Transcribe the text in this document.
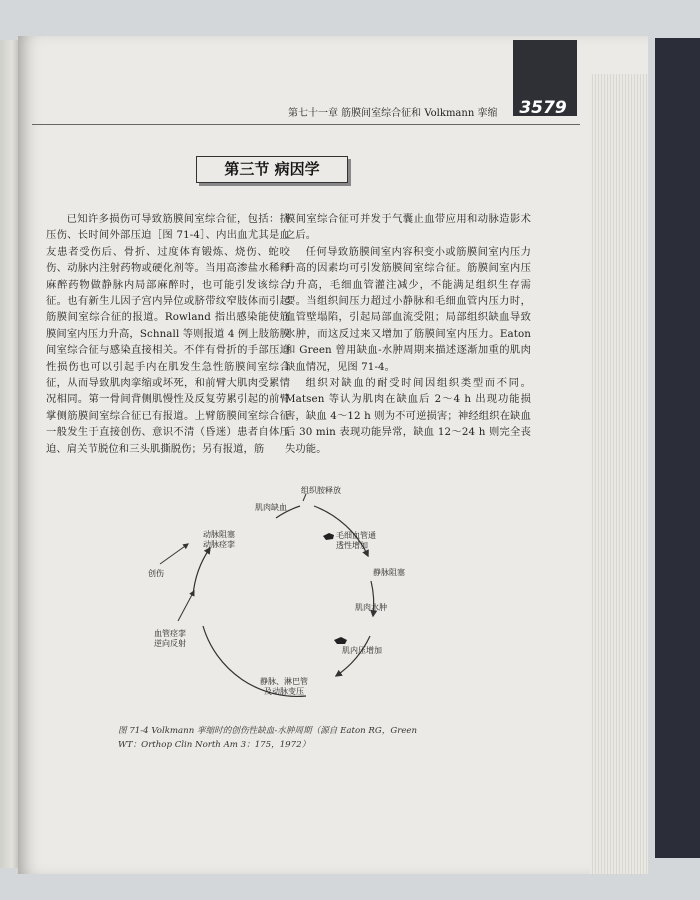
3579
第七十一章 筋膜间室综合征和 Volkmann 挛缩
第三节 病因学

已知许多损伤可导致筋膜间室综合征，包括：挤压伤、长时间外部压迫［图 71-4］、内出血尤其是血友患者受伤后、骨折、过度体育锻炼、烧伤、蛇咬伤、动脉内注射药物或硬化剂等。当用高渗盐水稀释麻醉药物做静脉内局部麻醉时，也可能引发该综合征。也有新生儿因子宫内异位或脐带纹窄肢体而引起筋膜间室综合征的报道。Rowland 指出感染能使筋膜间室内压力升高，Schnall 等则报道 4 例上肢筋膜间室综合征与感染直接相关。不伴有骨折的手部压迫性损伤也可以引起手内在肌发生急性筋膜间室综合征，从而导致肌肉挛缩或坏死，和前臂大肌肉受累情况相同。第一骨间背侧肌慢性及反复劳累引起的前臂掌侧筋膜间室综合征已有报道。上臂筋膜间室综合征一般发生于直接创伤、意识不清（昏迷）患者自体压迫、肩关节脱位和三头肌撕脱伤；另有报道，筋

膜间室综合征可并发于气囊止血带应用和动脉造影术之后。

任何导致筋膜间室内容积变小或筋膜间室内压力升高的因素均可引发筋膜间室综合征。筋膜间室内压力升高，毛细血管灌注减少，不能满足组织生存需要。当组织间压力超过小静脉和毛细血管内压力时，血管壁塌陷，引起局部血流受阻；局部组织缺血导致水肿，而这反过来又增加了筋膜间室内压力。Eaton 和 Green 曾用缺血-水肿周期来描述逐渐加重的肌肉缺血情况，见图 71-4。

组织对缺血的耐受时间因组织类型而不同。Matsen 等认为肌肉在缺血后 2～4 h 出现功能损害，缺血 4～12 h 则为不可逆损害；神经组织在缺血后 30 min 表现功能异常，缺血 12～24 h 则完全丧失功能。

组织胺释放
肌肉缺血
毛细血管通
透性增加
静脉阻塞
肌肉水肿
肌内压增加
静脉、淋巴管
及动脉变压
血管痉挛
逆向反射
创伤
动脉阻塞
动脉痉挛
图 71-4 Volkmann 挛缩时的创伤性缺血-水肿周期（源自 Eaton RG，Green WT：Orthop Clin North Am 3：175，1972）
